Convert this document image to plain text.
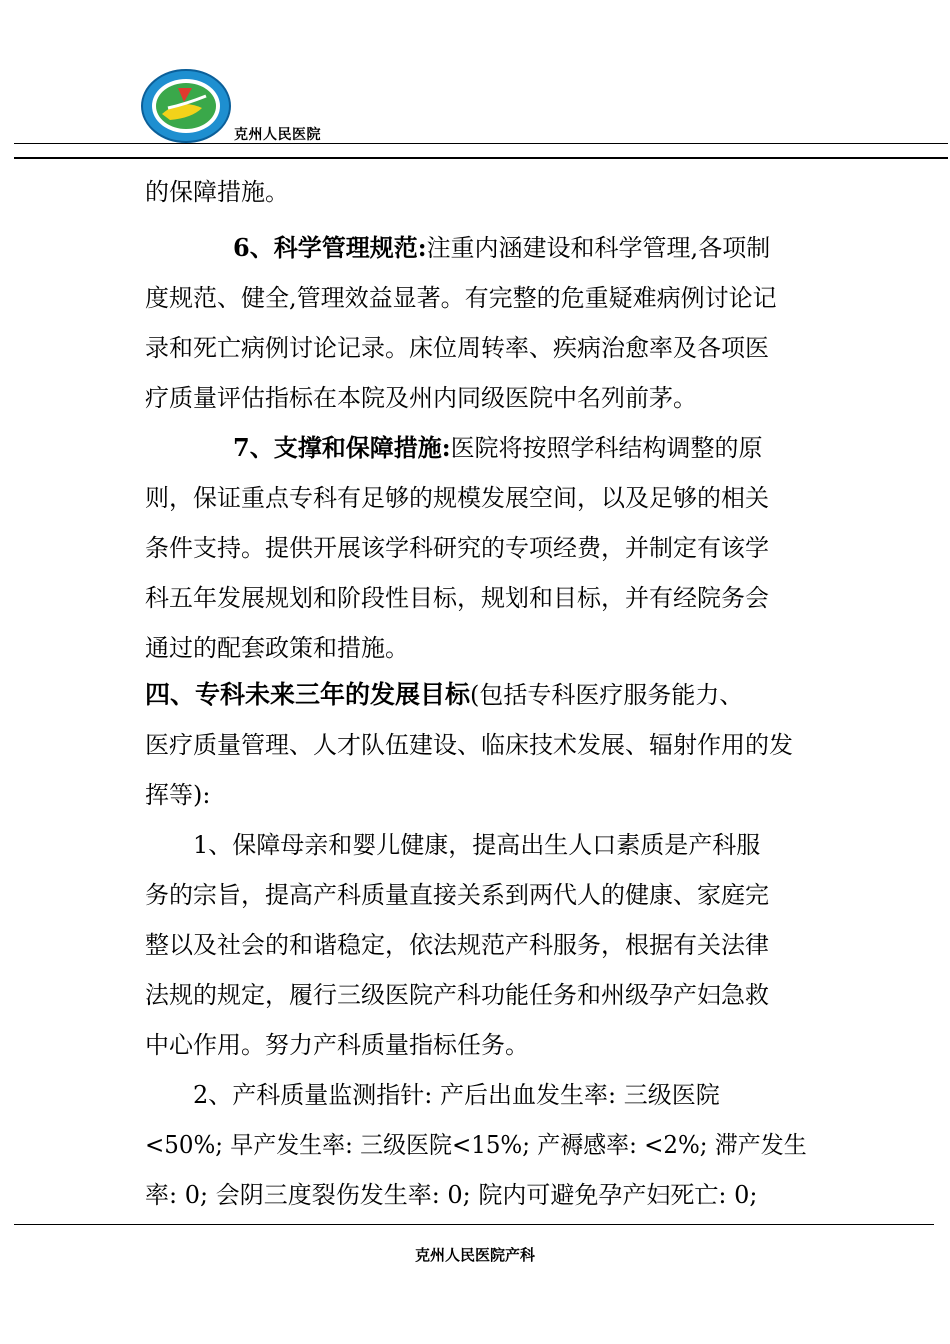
克州人民医院
的保障措施。
6、科学管理规范:注重内涵建设和科学管理,各项制
度规范、健全,管理效益显著。有完整的危重疑难病例讨论记
录和死亡病例讨论记录。床位周转率、疾病治愈率及各项医
疗质量评估指标在本院及州内同级医院中名列前茅。
7、支撑和保障措施:医院将按照学科结构调整的原
则，保证重点专科有足够的规模发展空间，以及足够的相关
条件支持。提供开展该学科研究的专项经费，并制定有该学
科五年发展规划和阶段性目标，规划和目标，并有经院务会
通过的配套政策和措施。
四、专科未来三年的发展目标(包括专科医疗服务能力、
医疗质量管理、人才队伍建设、临床技术发展、辐射作用的发
挥等):
1、保障母亲和婴儿健康，提高出生人口素质是产科服
务的宗旨，提高产科质量直接关系到两代人的健康、家庭完
整以及社会的和谐稳定，依法规范产科服务，根据有关法律
法规的规定，履行三级医院产科功能任务和州级孕产妇急救
中心作用。努力产科质量指标任务。
2、产科质量监测指针: 产后出血发生率: 三级医院
<50%; 早产发生率: 三级医院<15%; 产褥感率: <2%; 滞产发生
率: 0; 会阴三度裂伤发生率: 0; 院内可避免孕产妇死亡: 0;
克州人民医院产科
